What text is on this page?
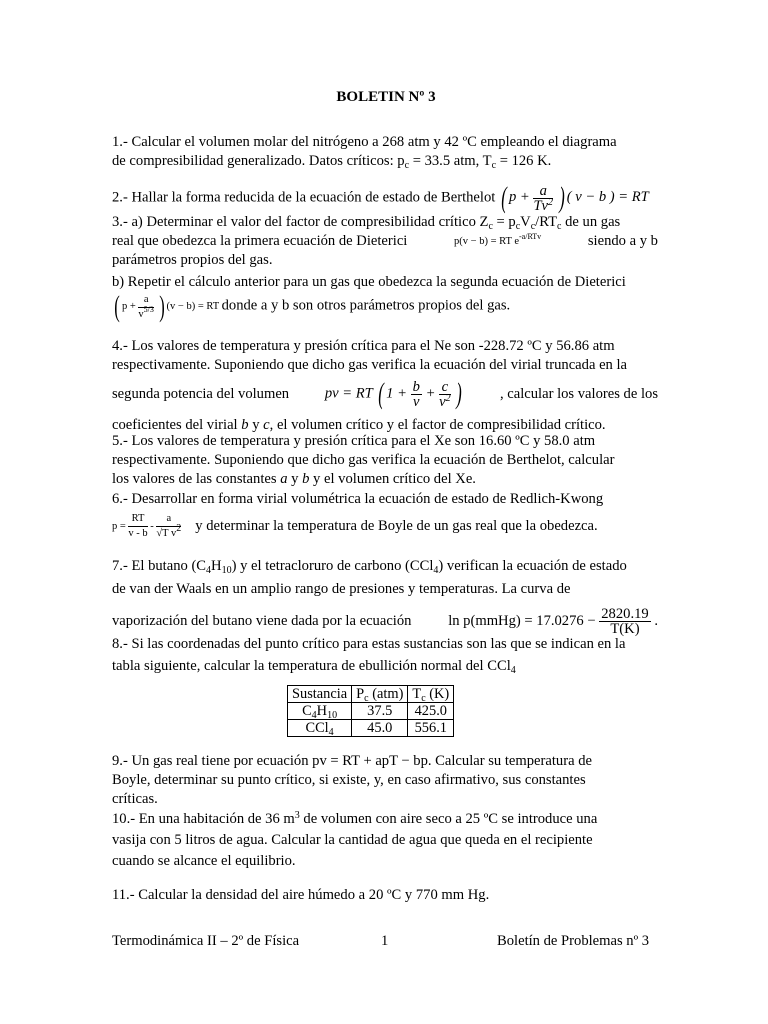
BOLETIN Nº 3
1.- Calcular el volumen molar del nitrógeno a 268 atm y 42 ºC empleando el diagrama
de compresibilidad generalizado. Datos críticos: $p_c = 33.5$ atm, $T_c = 126$ K.
2.- Hallar la forma reducida de la ecuación de estado de Berthelot ( $p + \frac{a}{Tv^2}$ ) ( v − b ) = RT
3.- a) Determinar el valor del factor de compresibilidad crítico $Z_c = p_cV_c/RT_c$ de un gas
real que obedezca la primera ecuación de Dieterici	p(v − b) = RT $e^{-a/RTv}$	siendo a y b
parámetros propios del gas.
b) Repetir el cálculo anterior para un gas que obedezca la segunda ecuación de Dieterici
( $p + \frac{a}{v^{5/3}}$ ) (v − b) = RT donde a y b son otros parámetros propios del gas.
4.- Los valores de temperatura y presión crítica para el Ne son -228.72 ºC y 56.86 atm
respectivamente. Suponiendo que dicho gas verifica la ecuación del virial truncada en la
segunda potencia del volumen pv = RT ( $1 + \frac{b}{v} + \frac{c}{v^2}$ )	, calcular los valores de los
coeficientes del virial b y c, el volumen crítico y el factor de compresibilidad crítico.
5.- Los valores de temperatura y presión crítica para el Xe son 16.60 ºC y 58.0 atm
respectivamente. Suponiendo que dicho gas verifica la ecuación de Berthelot, calcular
los valores de las constantes a y b y el volumen crítico del Xe.
6.- Desarrollar en forma virial volumétrica la ecuación de estado de Redlich-Kwong
$p = \frac{RT}{v - b} - \frac{a}{√T v^2}$ y determinar la temperatura de Boyle de un gas real que la obedezca.
7.- El butano $(C_4H_{10})$ y el tetracloruro de carbono (CCl$_4$) verifican la ecuación de estado
de van der Waals en un amplio rango de presiones y temperaturas. La curva de
vaporización del butano viene dada por la ecuación	ln p(mmHg) = $17.0276 - \frac{2820.19}{T(K)}$ .
8.- Si las coordenadas del punto crítico para estas sustancias son las que se indican en la
tabla siguiente, calcular la temperatura de ebullición normal del CCl$_4$
Sustancia	$P_c$ (atm)	$T_c$ (K)
$C_4H_{10}$	37.5	425.0
CCl$_4$	45.0	556.1
9.- Un gas real tiene por ecuación pv = RT + apT − bp. Calcular su temperatura de
Boyle, determinar su punto crítico, si existe, y, en caso afirmativo, sus constantes
críticas.
10.- En una habitación de 36 $m^3$ de volumen con aire seco a 25 ºC se introduce una
vasija con 5 litros de agua. Calcular la cantidad de agua que queda en el recipiente
cuando se alcance el equilibrio.
11.- Calcular la densidad del aire húmedo a 20 ºC y 770 mm Hg.
Termodinámica II – 2º de Física	1	Boletín de Problemas nº 3
